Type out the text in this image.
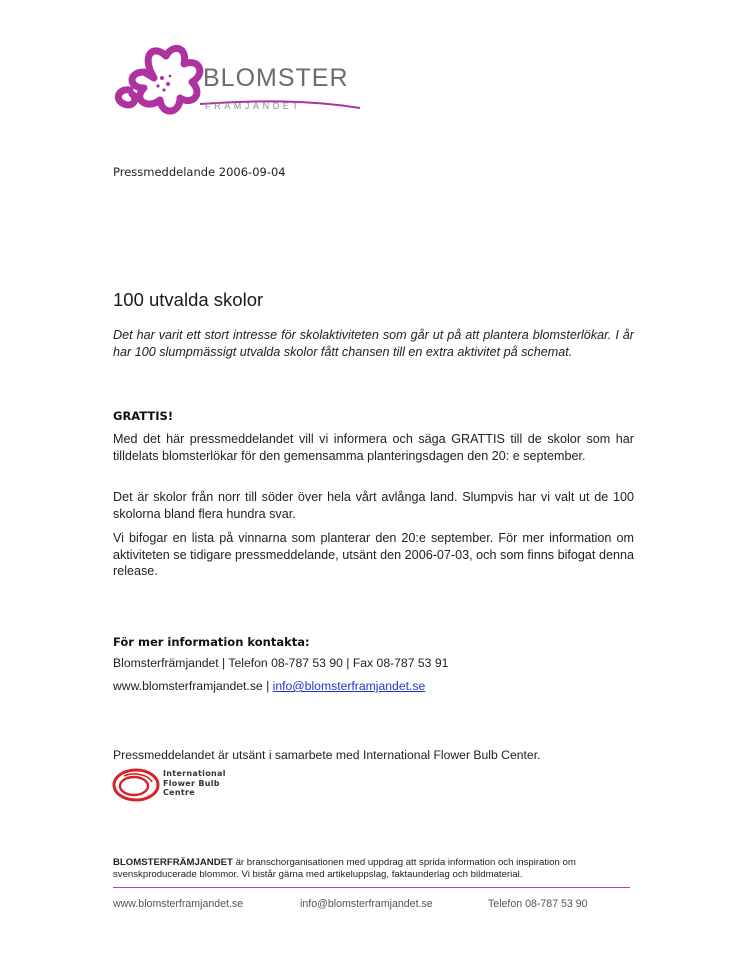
BLOMSTER
FRÄMJANDET
Pressmeddelande 2006-09-04
100 utvalda skolor

Det har varit ett stort intresse för skolaktiviteten som går ut på att plantera blomsterlökar. I år har 100 slumpmässigt utvalda skolor fått chansen till en extra aktivitet på schemat.

GRATTIS!

Med det här pressmeddelandet vill vi informera och säga GRATTIS till de skolor som har tilldelats blomsterlökar för den gemensamma planteringsdagen den 20: e september.

Det är skolor från norr till söder över hela vårt avlånga land. Slumpvis har vi valt ut de 100 skolorna bland flera hundra svar.

Vi bifogar en lista på vinnarna som planterar den 20:e september. För mer information om aktiviteten se tidigare pressmeddelande, utsänt den 2006-07-03, och som finns bifogat denna release.

För mer information kontakta:
Blomsterfrämjandet | Telefon 08-787 53 90 | Fax 08-787 53 91
www.blomsterframjandet.se | info@blomsterframjandet.se
Pressmeddelandet är utsänt i samarbete med International Flower Bulb Center.
International
Flower Bulb
Centre

BLOMSTERFRÄMJANDET är branschorganisationen med uppdrag att sprida information och inspiration om svenskproducerade blommor. Vi bistår gärna med artikeluppslag, faktaunderlag och bildmaterial.

www.blomsterframjandet.se	info@blomsterframjandet.se	Telefon 08-787 53 90
